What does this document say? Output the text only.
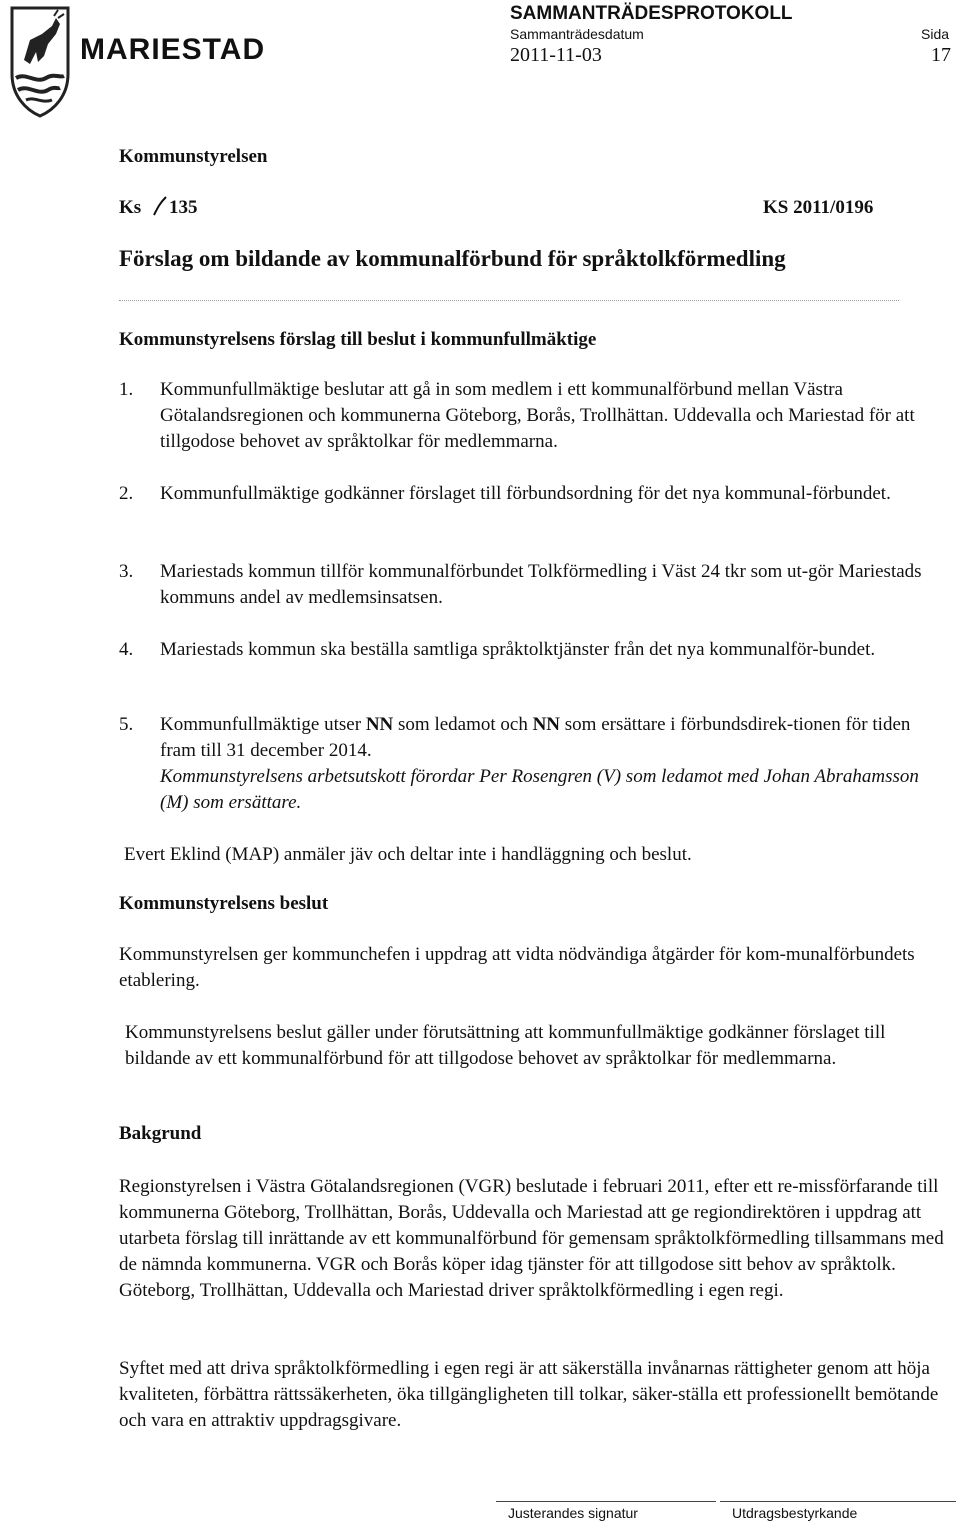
MARIESTAD
SAMMANTRÄDESPROTOKOLL
Sammanträdesdatum	Sida
2011-11-03	17
Kommunstyrelsen
Ks 135	KS 2011/0196
Förslag om bildande av kommunalförbund för språktolkförmedling
Kommunstyrelsens förslag till beslut i kommunfullmäktige
1.	Kommunfullmäktige beslutar att gå in som medlem i ett kommunalförbund mellan Västra Götalandsregionen och kommunerna Göteborg, Borås, Trollhättan. Uddevalla och Mariestad för att tillgodose behovet av språktolkar för medlemmarna.
2.	Kommunfullmäktige godkänner förslaget till förbundsordning för det nya kommunal-förbundet.
3.	Mariestads kommun tillför kommunalförbundet Tolkförmedling i Väst 24 tkr som ut-gör Mariestads kommuns andel av medlemsinsatsen.
4.	Mariestads kommun ska beställa samtliga språktolktjänster från det nya kommunalför-bundet.
5.	Kommunfullmäktige utser NN som ledamot och NN som ersättare i förbundsdirek-tionen för tiden fram till 31 december 2014.
Kommunstyrelsens arbetsutskott förordar Per Rosengren (V) som ledamot med Johan Abrahamsson (M) som ersättare.
Evert Eklind (MAP) anmäler jäv och deltar inte i handläggning och beslut.
Kommunstyrelsens beslut
Kommunstyrelsen ger kommunchefen i uppdrag att vidta nödvändiga åtgärder för kom-munalförbundets etablering.
Kommunstyrelsens beslut gäller under förutsättning att kommunfullmäktige godkänner förslaget till bildande av ett kommunalförbund för att tillgodose behovet av språktolkar för medlemmarna.
Bakgrund
Regionstyrelsen i Västra Götalandsregionen (VGR) beslutade i februari 2011, efter ett re-missförfarande till kommunerna Göteborg, Trollhättan, Borås, Uddevalla och Mariestad att ge regiondirektören i uppdrag att utarbeta förslag till inrättande av ett kommunalförbund för gemensam språktolkförmedling tillsammans med de nämnda kommunerna. VGR och Borås köper idag tjänster för att tillgodose sitt behov av språktolk. Göteborg, Trollhättan, Uddevalla och Mariestad driver språktolkförmedling i egen regi.
Syftet med att driva språktolkförmedling i egen regi är att säkerställa invånarnas rättigheter genom att höja kvaliteten, förbättra rättssäkerheten, öka tillgängligheten till tolkar, säker-ställa ett professionellt bemötande och vara en attraktiv uppdragsgivare.
Justerandes signatur	Utdragsbestyrkande
